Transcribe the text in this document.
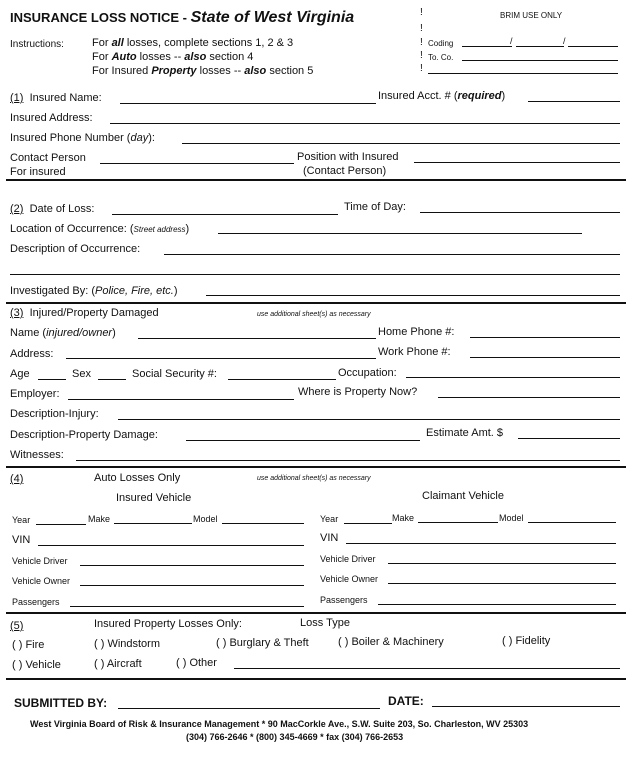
INSURANCE LOSS NOTICE - State of West Virginia	BRIM USE ONLY
!
!
!
!
!
Coding	/	/
To. Co.
Instructions:	For all losses, complete sections 1, 2 & 3
For Auto losses -- also section 4
For Insured Property losses -- also section 5
(1) Insured Name:	Insured Acct. # (required)
Insured Address:
Insured Phone Number (day):
Contact Person
For insured
Position with Insured
(Contact Person)
(2) Date of Loss:	Time of Day:
Location of Occurrence: (Street address)
Description of Occurrence:
Investigated By: (Police, Fire, etc.)
(3) Injured/Property Damaged	use additional sheet(s) as necessary
Name (injured/owner)	Home Phone #:
Address:	Work Phone #:
Age	Sex	Social Security #:	Occupation:
Employer:	Where is Property Now?
Description-Injury:
Description-Property Damage:	Estimate Amt. $
Witnesses:
(4)	Auto Losses Only	use additional sheet(s) as necessary
Insured Vehicle	Claimant Vehicle
Year	Make	Model
VIN
Vehicle Driver
Vehicle Owner
Passengers
Year	Make	Model
VIN
Vehicle Driver
Vehicle Owner
Passengers
(5)	Insured Property Losses Only:	Loss Type
( ) Fire	( ) Windstorm	( ) Burglary & Theft	( ) Boiler & Machinery	( ) Fidelity
( ) Vehicle	( ) Aircraft	( ) Other
SUBMITTED BY:	DATE:
West Virginia Board of Risk & Insurance Management * 90 MacCorkle Ave., S.W. Suite 203, So. Charleston, WV 25303
(304) 766-2646 * (800) 345-4669 * fax (304) 766-2653
